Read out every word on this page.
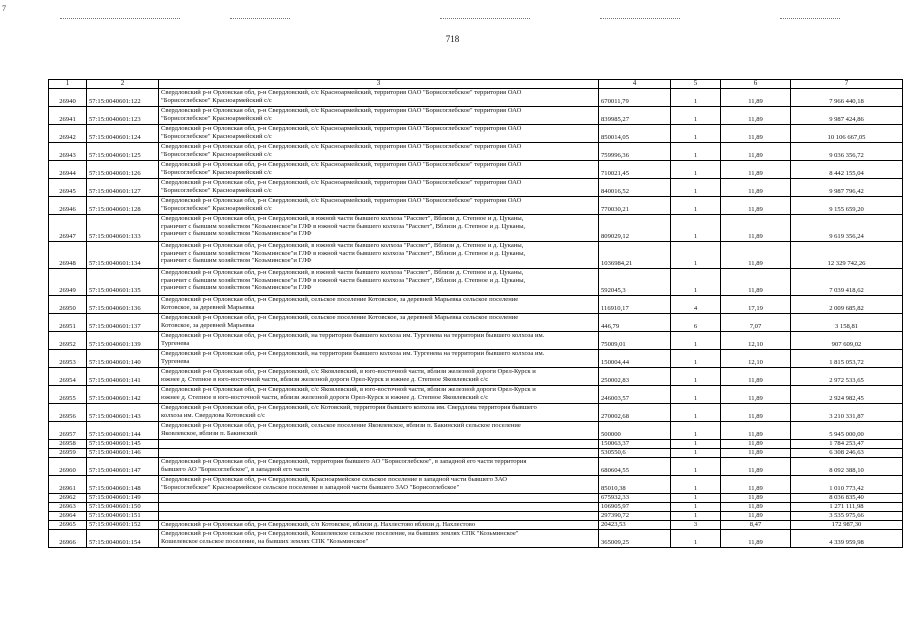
7
718
1	2	3	4	5	6	7
26940	57:15:0040601:122	Свердловский р-н Орловская обл, р-н Свердловский, с/с Красноармейский, территория ОАО "Борисоглебское" территория ОАО
"Борисоглебское" Красноармейский с/с	670011,79	1	11,89	7 966 440,18
26941	57:15:0040601:123	Свердловский р-н Орловская обл, р-н Свердловский, с/с Красноармейский, территория ОАО "Борисоглебское" территория ОАО
"Борисоглебское" Красноармейский с/с	839985,27	1	11,89	9 987 424,86
26942	57:15:0040601:124	Свердловский р-н Орловская обл, р-н Свердловский, с/с Красноармейский, территория ОАО "Борисоглебское" территория ОАО
"Борисоглебское" Красноармейский с/с	850014,05	1	11,89	10 106 667,05
26943	57:15:0040601:125	Свердловский р-н Орловская обл, р-н Свердловский, с/с Красноармейский, территория ОАО "Борисоглебское" территория ОАО
"Борисоглебское" Красноармейский с/с	759996,36	1	11,89	9 036 356,72
26944	57:15:0040601:126	Свердловский р-н Орловская обл, р-н Свердловский, с/с Красноармейский, территория ОАО "Борисоглебское" территория ОАО
"Борисоглебское" Красноармейский с/с	710021,45	1	11,89	8 442 155,04
26945	57:15:0040601:127	Свердловский р-н Орловская обл, р-н Свердловский, с/с Красноармейский, территория ОАО "Борисоглебское" территория ОАО
"Борисоглебское" Красноармейский с/с	840016,52	1	11,89	9 987 796,42
26946	57:15:0040601:128	Свердловский р-н Орловская обл, р-н Свердловский, с/с Красноармейский, территория ОАО "Борисоглебское" территория ОАО
"Борисоглебское" Красноармейский с/с	770030,21	1	11,89	9 155 659,20
26947	57:15:0040601:133	Свердловский р-н Орловская обл, р-н Свердловский, в южной части бывшего колхоза "Рассвет", Вблизи д. Степное и д. Цуканы,
граничит с бывшим хозяйством "Козьминское"и ГЛФ в южной части бывшего колхоза "Рассвет", Вблизи д. Степное и д. Цуканы,
граничит с бывшим хозяйством "Козьминское"и ГЛФ	809029,12	1	11,89	9 619 356,24
26948	57:15:0040601:134	Свердловский р-н Орловская обл, р-н Свердловский, в южной части бывшего колхоза "Рассвет", Вблизи д. Степное и д. Цуканы,
граничит с бывшим хозяйством "Козьминское"и ГЛФ в южной части бывшего колхоза "Рассвет", Вблизи д. Степное и д. Цуканы,
граничит с бывшим хозяйством "Козьминское"и ГЛФ	1036984,21	1	11,89	12 329 742,26
26949	57:15:0040601:135	Свердловский р-н Орловская обл, р-н Свердловский, в южной части бывшего колхоза "Рассвет", Вблизи д. Степное и д. Цуканы,
граничит с бывшим хозяйством "Козьминское"и ГЛФ в южной части бывшего колхоза "Рассвет", Вблизи д. Степное и д. Цуканы,
граничит с бывшим хозяйством "Козьминское"и ГЛФ	592045,3	1	11,89	7 039 418,62
26950	57:15:0040601:136	Свердловский р-н Орловская обл, р-н Свердловский, сельское поселение Котовское, за деревней Марьевка сельское поселение
Котовское, за деревней Марьевка	116910,17	4	17,19	2 009 685,82
26951	57:15:0040601:137	Свердловский р-н Орловская обл, р-н Свердловский, сельское поселение Котовское, за деревней Марьевка сельское поселение
Котовское, за деревней Марьевка	446,79	6	7,07	3 158,81
26952	57:15:0040601:139	Свердловский р-н Орловская обл, р-н Свердловский, на территории бывшего колхоза им. Тургенева на территории бывшего колхоза им.
Тургенева	75009,01	1	12,10	907 609,02
26953	57:15:0040601:140	Свердловский р-н Орловская обл, р-н Свердловский, на территории бывшего колхоза им. Тургенева на территории бывшего колхоза им.
Тургенева	150004,44	1	12,10	1 815 053,72
26954	57:15:0040601:141	Свердловский р-н Орловская обл, р-н Свердловский, с/с Яковлевский, в юго-восточной части, вблизи железной дороги Орел-Курск и
южнее д. Степное в юго-восточной части, вблизи железной дороги Орел-Курск и южнее д. Степное Яковлевский с/с	250002,83	1	11,89	2 972 533,65
26955	57:15:0040601:142	Свердловский р-н Орловская обл, р-н Свердловский, с/с Яковлевский, в юго-восточной части, вблизи железной дороги Орел-Курск и
южнее д. Степное в юго-восточной части, вблизи железной дороги Орел-Курск и южнее д. Степное Яковлевский с/с	246003,57	1	11,89	2 924 982,45
26956	57:15:0040601:143	Свердловский р-н Орловская обл, р-н Свердловский, с/с Котовский, территория бывшего колхоза им. Свердлова территория бывшего
колхоза им. Свердлова Котовский с/с	270002,68	1	11,89	3 210 331,87
26957	57:15:0040601:144	Свердловский р-н Орловская обл, р-н Свердловский, сельское поселение Яковлевское, вблизи п. Бакинский сельское поселение
Яковлевское, вблизи п. Бакинский	500000	1	11,89	5 945 000,00
26958	57:15:0040601:145		150063,37	1	11,89	1 784 253,47
26959	57:15:0040601:146		530550,6	1	11,89	6 308 246,63
26960	57:15:0040601:147	Свердловский р-н Орловская обл, р-н Свердловский, территория бывшего АО "Борисоглебское", в западной его части территория
бывшего АО "Борисоглебское", в западной его части	680604,55	1	11,89	8 092 388,10
26961	57:15:0040601:148	Свердловский р-н Орловская обл, р-н Свердловский, Красноармейское сельское поселение в западной части бывшего ЗАО
"Борисоглебское" Красноармейское сельское поселение в западной части бывшего ЗАО "Борисоглебское"	85010,38	1	11,89	1 010 773,42
26962	57:15:0040601:149		675932,33	1	11,89	8 036 835,40
26963	57:15:0040601:150		106905,97	1	11,89	1 271 111,98
26964	57:15:0040601:151		297390,72	1	11,89	3 535 975,66
26965	57:15:0040601:152	Свердловский р-н Орловская обл, р-н Свердловский, с/п Котовское, вблизи д. Нахлестово вблизи д. Нахлестово	20423,53	3	8,47	172 987,30
26966	57:15:0040601:154	Свердловский р-н Орловская обл, р-н Свердловский, Кошелевское сельское поселение, на бывших землях СПК "Козьминское"
Кошелевское сельское поселение, на бывших землях СПК "Козьминское"	365009,25	1	11,89	4 339 959,98
